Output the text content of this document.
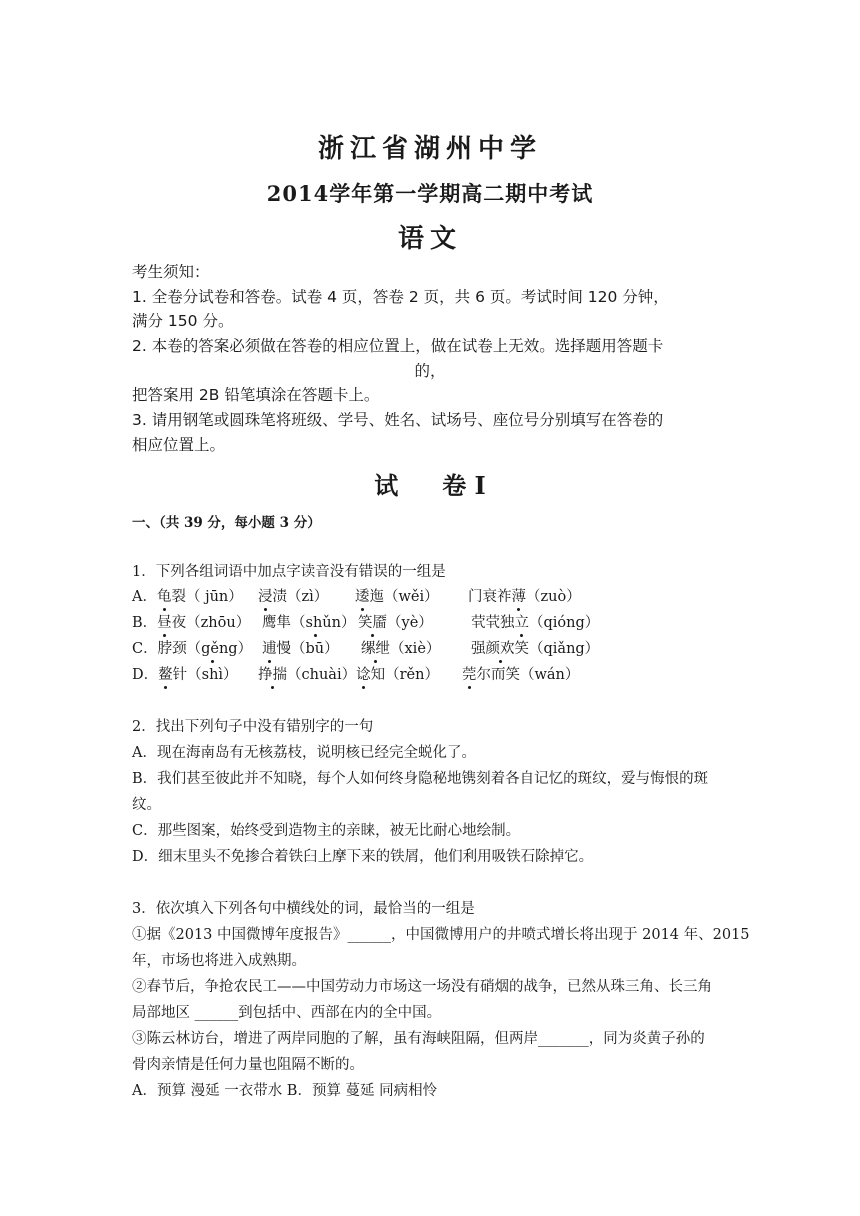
浙江省湖州中学
2014学年第一学期高二期中考试
语文
考生须知：
1. 全卷分试卷和答卷。试卷 4 页，答卷 2 页，共 6 页。考试时间 120 分钟，
满分 150 分。
2. 本卷的答案必须做在答卷的相应位置上，做在试卷上无效。选择题用答题卡
的，
把答案用 2B 铅笔填涂在答题卡上。
3. 请用钢笔或圆珠笔将班级、学号、姓名、试场号、座位号分别填写在答卷的
相应位置上。
试 卷 I
一、（共 39 分，每小题 3 分）
1．下列各组词语中加点字读音没有错误的一组是
A．龟裂（ jūn） 浸渍（zì） 逶迤（wěi） 门衰祚薄（zuò）
B．昼夜（zhōu） 鹰隼（shǔn） 笑靥（yè）	茕茕独立（qióng）
C．脖颈（gěng） 逋慢（bū） 缧绁（xiè） 强颜欢笑（qiǎng）
D．鳌针（shì） 挣揣（chuài）谂知（rěn） 莞尔而笑（wán）
2．找出下列句子中没有错别字的一句
A．现在海南岛有无核荔枝，说明核已经完全蜕化了。
B．我们甚至彼此并不知晓，每个人如何终身隐秘地镌刻着各自记忆的斑纹，爱与悔恨的斑
纹。
C．那些图案，始终受到造物主的亲睐，被无比耐心地绘制。
D．细末里头不免掺合着铁臼上摩下来的铁屑，他们利用吸铁石除掉它。
3．依次填入下列各句中横线处的词，最恰当的一组是
①据《2013 中国微博年度报告》______，中国微博用户的井喷式增长将出现于 2014 年、2015
年，市场也将进入成熟期。
②春节后，争抢农民工——中国劳动力市场这一场没有硝烟的战争，已然从珠三角、长三角
局部地区 ______到包括中、西部在内的全中国。
③陈云林访台，增进了两岸同胞的了解，虽有海峡阻隔，但两岸_______，同为炎黄子孙的
骨肉亲情是任何力量也阻隔不断的。
A．预算 漫延 一衣带水 B．预算 蔓延 同病相怜
